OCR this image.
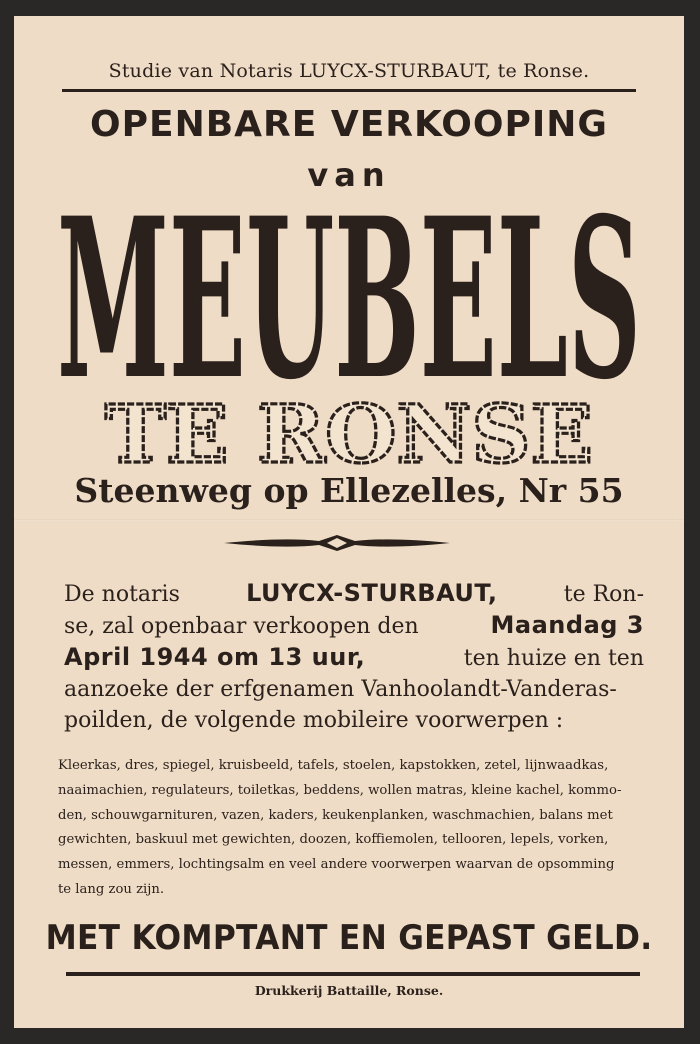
Studie van Notaris LUYCX-STURBAUT, te Ronse.
OPENBARE VERKOOPING
van
MEUBELS
TE RONSE
Steenweg op Ellezelles, Nr 55
De notaris	LUYCX-STURBAUT,	te Ron-
se, zal openbaar verkoopen den	Maandag 3
April 1944 om 13 uur,	ten huize en ten
aanzoeke der erfgenamen Vanhoolandt-Vanderas-
poilden, de volgende mobileire voorwerpen :
Kleerkas, dres, spiegel, kruisbeeld, tafels, stoelen, kapstokken, zetel, lijnwaadkas,
naaimachien, regulateurs, toiletkas, beddens, wollen matras, kleine kachel, kommo-
den, schouwgarnituren, vazen, kaders, keukenplanken, waschmachien, balans met
gewichten, baskuul met gewichten, doozen, koffiemolen, tellooren, lepels, vorken,
messen, emmers, lochtingsalm en veel andere voorwerpen waarvan de opsomming
te lang zou zijn.
MET KOMPTANT EN GEPAST GELD.
Drukkerij Battaille, Ronse.
